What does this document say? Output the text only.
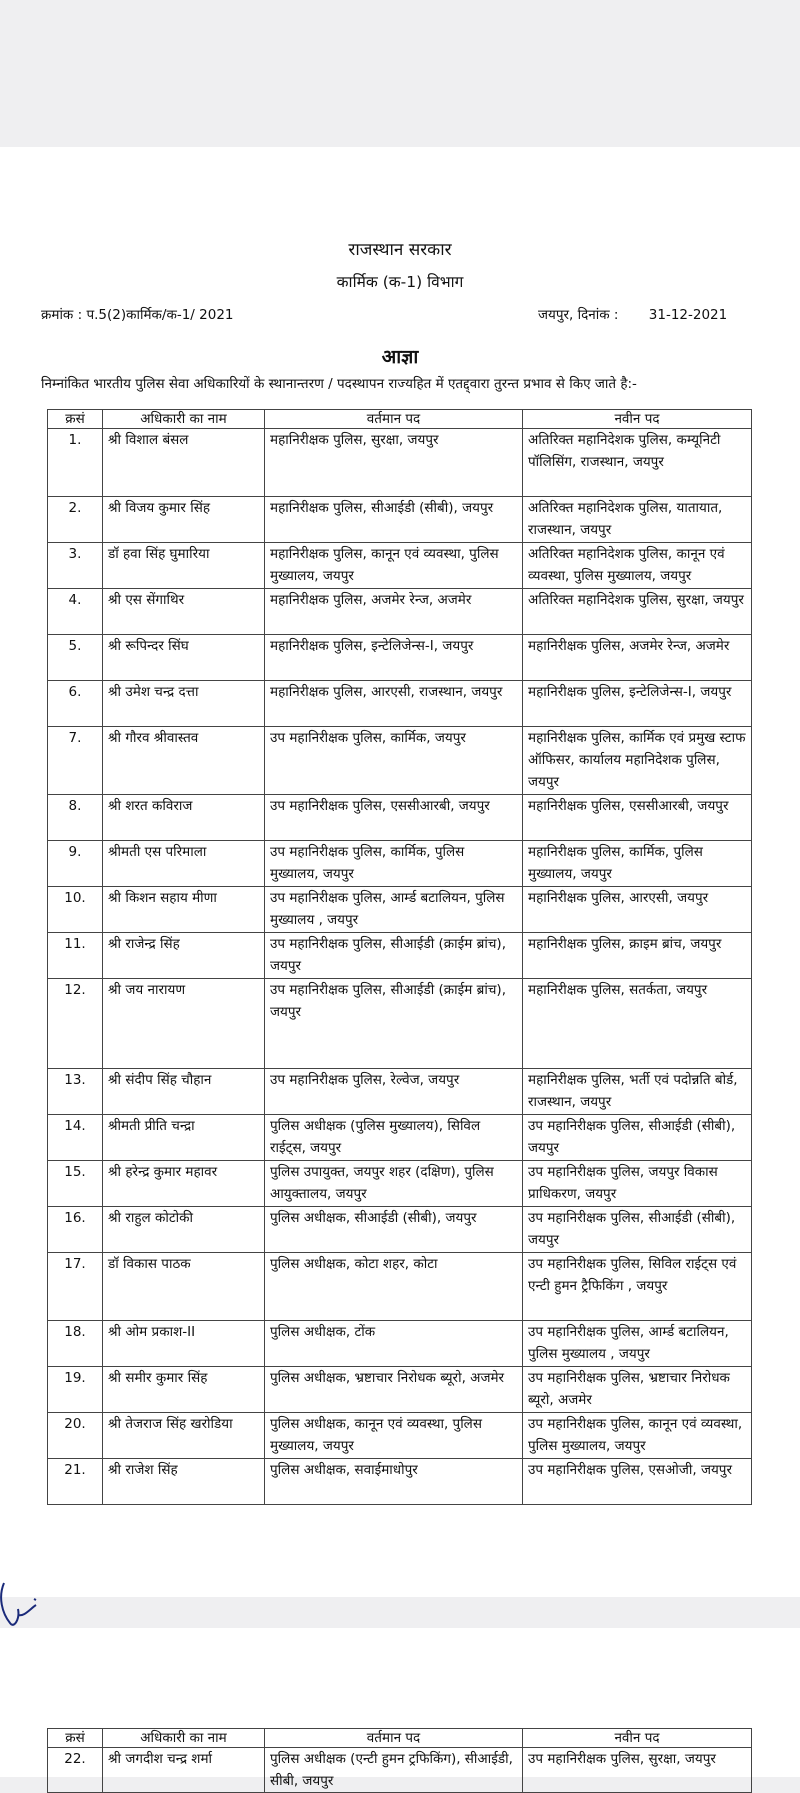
राजस्थान सरकार
कार्मिक (क-1) विभाग
क्रमांक : प.5(2)कार्मिक/क-1/ 2021	जयपुर, दिनांक : 31-12-2021
आज्ञा
निम्नांकित भारतीय पुलिस सेवा अधिकारियों के स्थानान्तरण / पदस्थापन राज्यहित में एतद्द्वारा तुरन्त प्रभाव से किए जाते है:-
क्रसं	अधिकारी का नाम	वर्तमान पद	नवीन पद
1.	श्री विशाल बंसल	महानिरीक्षक पुलिस, सुरक्षा, जयपुर	अतिरिक्त महानिदेशक पुलिस, कम्यूनिटी पॉलिसिंग, राजस्थान, जयपुर
2.	श्री विजय कुमार सिंह	महानिरीक्षक पुलिस, सीआईडी (सीबी), जयपुर	अतिरिक्त महानिदेशक पुलिस, यातायात, राजस्थान, जयपुर
3.	डॉ हवा सिंह घुमारिया	महानिरीक्षक पुलिस, कानून एवं व्यवस्था, पुलिस मुख्यालय, जयपुर	अतिरिक्त महानिदेशक पुलिस, कानून एवं व्यवस्था, पुलिस मुख्यालय, जयपुर
4.	श्री एस सेंगाथिर	महानिरीक्षक पुलिस, अजमेर रेन्ज, अजमेर	अतिरिक्त महानिदेशक पुलिस, सुरक्षा, जयपुर
5.	श्री रूपिन्दर सिंघ	महानिरीक्षक पुलिस, इन्टेलिजेन्स-I, जयपुर	महानिरीक्षक पुलिस, अजमेर रेन्ज, अजमेर
6.	श्री उमेश चन्द्र दत्ता	महानिरीक्षक पुलिस, आरएसी, राजस्थान, जयपुर	महानिरीक्षक पुलिस, इन्टेलिजेन्स-I, जयपुर
7.	श्री गौरव श्रीवास्तव	उप महानिरीक्षक पुलिस, कार्मिक, जयपुर	महानिरीक्षक पुलिस, कार्मिक एवं प्रमुख स्टाफ ऑफिसर, कार्यालय महानिदेशक पुलिस, जयपुर
8.	श्री शरत कविराज	उप महानिरीक्षक पुलिस, एससीआरबी, जयपुर	महानिरीक्षक पुलिस, एससीआरबी, जयपुर
9.	श्रीमती एस परिमाला	उप महानिरीक्षक पुलिस, कार्मिक, पुलिस मुख्यालय, जयपुर	महानिरीक्षक पुलिस, कार्मिक, पुलिस मुख्यालय, जयपुर
10.	श्री किशन सहाय मीणा	उप महानिरीक्षक पुलिस, आर्म्ड बटालियन, पुलिस मुख्यालय , जयपुर	महानिरीक्षक पुलिस, आरएसी, जयपुर
11.	श्री राजेन्द्र सिंह	उप महानिरीक्षक पुलिस, सीआईडी (क्राईम ब्रांच), जयपुर	महानिरीक्षक पुलिस, क्राइम ब्रांच, जयपुर
12.	श्री जय नारायण	उप महानिरीक्षक पुलिस, सीआईडी (क्राईम ब्रांच), जयपुर	महानिरीक्षक पुलिस, सतर्कता, जयपुर
13.	श्री संदीप सिंह चौहान	उप महानिरीक्षक पुलिस, रेल्वेज, जयपुर	महानिरीक्षक पुलिस, भर्ती एवं पदोन्नति बोर्ड, राजस्थान, जयपुर
14.	श्रीमती प्रीति चन्द्रा	पुलिस अधीक्षक (पुलिस मुख्यालय), सिविल राईट्स, जयपुर	उप महानिरीक्षक पुलिस, सीआईडी (सीबी), जयपुर
15.	श्री हरेन्द्र कुमार महावर	पुलिस उपायुक्त, जयपुर शहर (दक्षिण), पुलिस आयुक्तालय, जयपुर	उप महानिरीक्षक पुलिस, जयपुर विकास प्राधिकरण, जयपुर
16.	श्री राहुल कोटोकी	पुलिस अधीक्षक, सीआईडी (सीबी), जयपुर	उप महानिरीक्षक पुलिस, सीआईडी (सीबी), जयपुर
17.	डॉ विकास पाठक	पुलिस अधीक्षक, कोटा शहर, कोटा	उप महानिरीक्षक पुलिस, सिविल राईट्स एवं एन्टी हुमन ट्रैफिकिंग , जयपुर
18.	श्री ओम प्रकाश-II	पुलिस अधीक्षक, टोंक	उप महानिरीक्षक पुलिस, आर्म्ड बटालियन, पुलिस मुख्यालय , जयपुर
19.	श्री समीर कुमार सिंह	पुलिस अधीक्षक, भ्रष्टाचार निरोधक ब्यूरो, अजमेर	उप महानिरीक्षक पुलिस, भ्रष्टाचार निरोधक ब्यूरो, अजमेर
20.	श्री तेजराज सिंह खरोडिया	पुलिस अधीक्षक, कानून एवं व्यवस्था, पुलिस मुख्यालय, जयपुर	उप महानिरीक्षक पुलिस, कानून एवं व्यवस्था, पुलिस मुख्यालय, जयपुर
21.	श्री राजेश सिंह	पुलिस अधीक्षक, सवाईमाधोपुर	उप महानिरीक्षक पुलिस, एसओजी, जयपुर
क्रसं	अधिकारी का नाम	वर्तमान पद	नवीन पद
22.	श्री जगदीश चन्द्र शर्मा	पुलिस अधीक्षक (एन्टी हुमन ट्रफिकिंग), सीआईडी, सीबी, जयपुर	उप महानिरीक्षक पुलिस, सुरक्षा, जयपुर
